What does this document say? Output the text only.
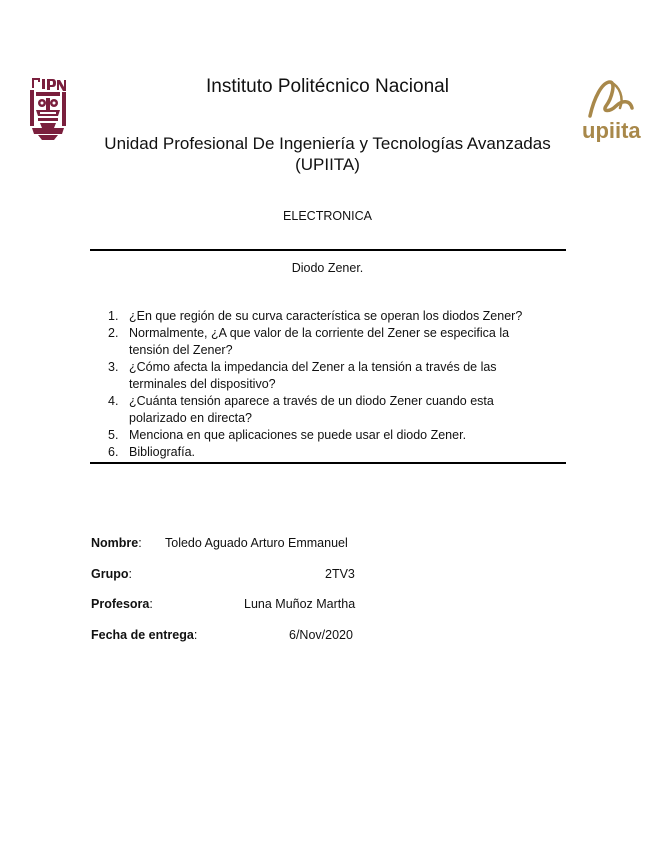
upiita
Instituto Politécnico Nacional
Unidad Profesional De Ingeniería y Tecnologías Avanzadas (UPIITA)
ELECTRONICA
Diodo Zener.
1. ¿En que región de su curva característica se operan los diodos Zener?
2. Normalmente, ¿A que valor de la corriente del Zener se especifica la tensión del Zener?
3. ¿Cómo afecta la impedancia del Zener a la tensión a través de las terminales del dispositivo?
4. ¿Cuánta tensión aparece a través de un diodo Zener cuando esta polarizado en directa?
5. Menciona en que aplicaciones se puede usar el diodo Zener.
6. Bibliografía.
Nombre: Toledo Aguado Arturo Emmanuel
Grupo:	2TV3
Profesora:	Luna Muñoz Martha
Fecha de entrega:	6/Nov/2020
